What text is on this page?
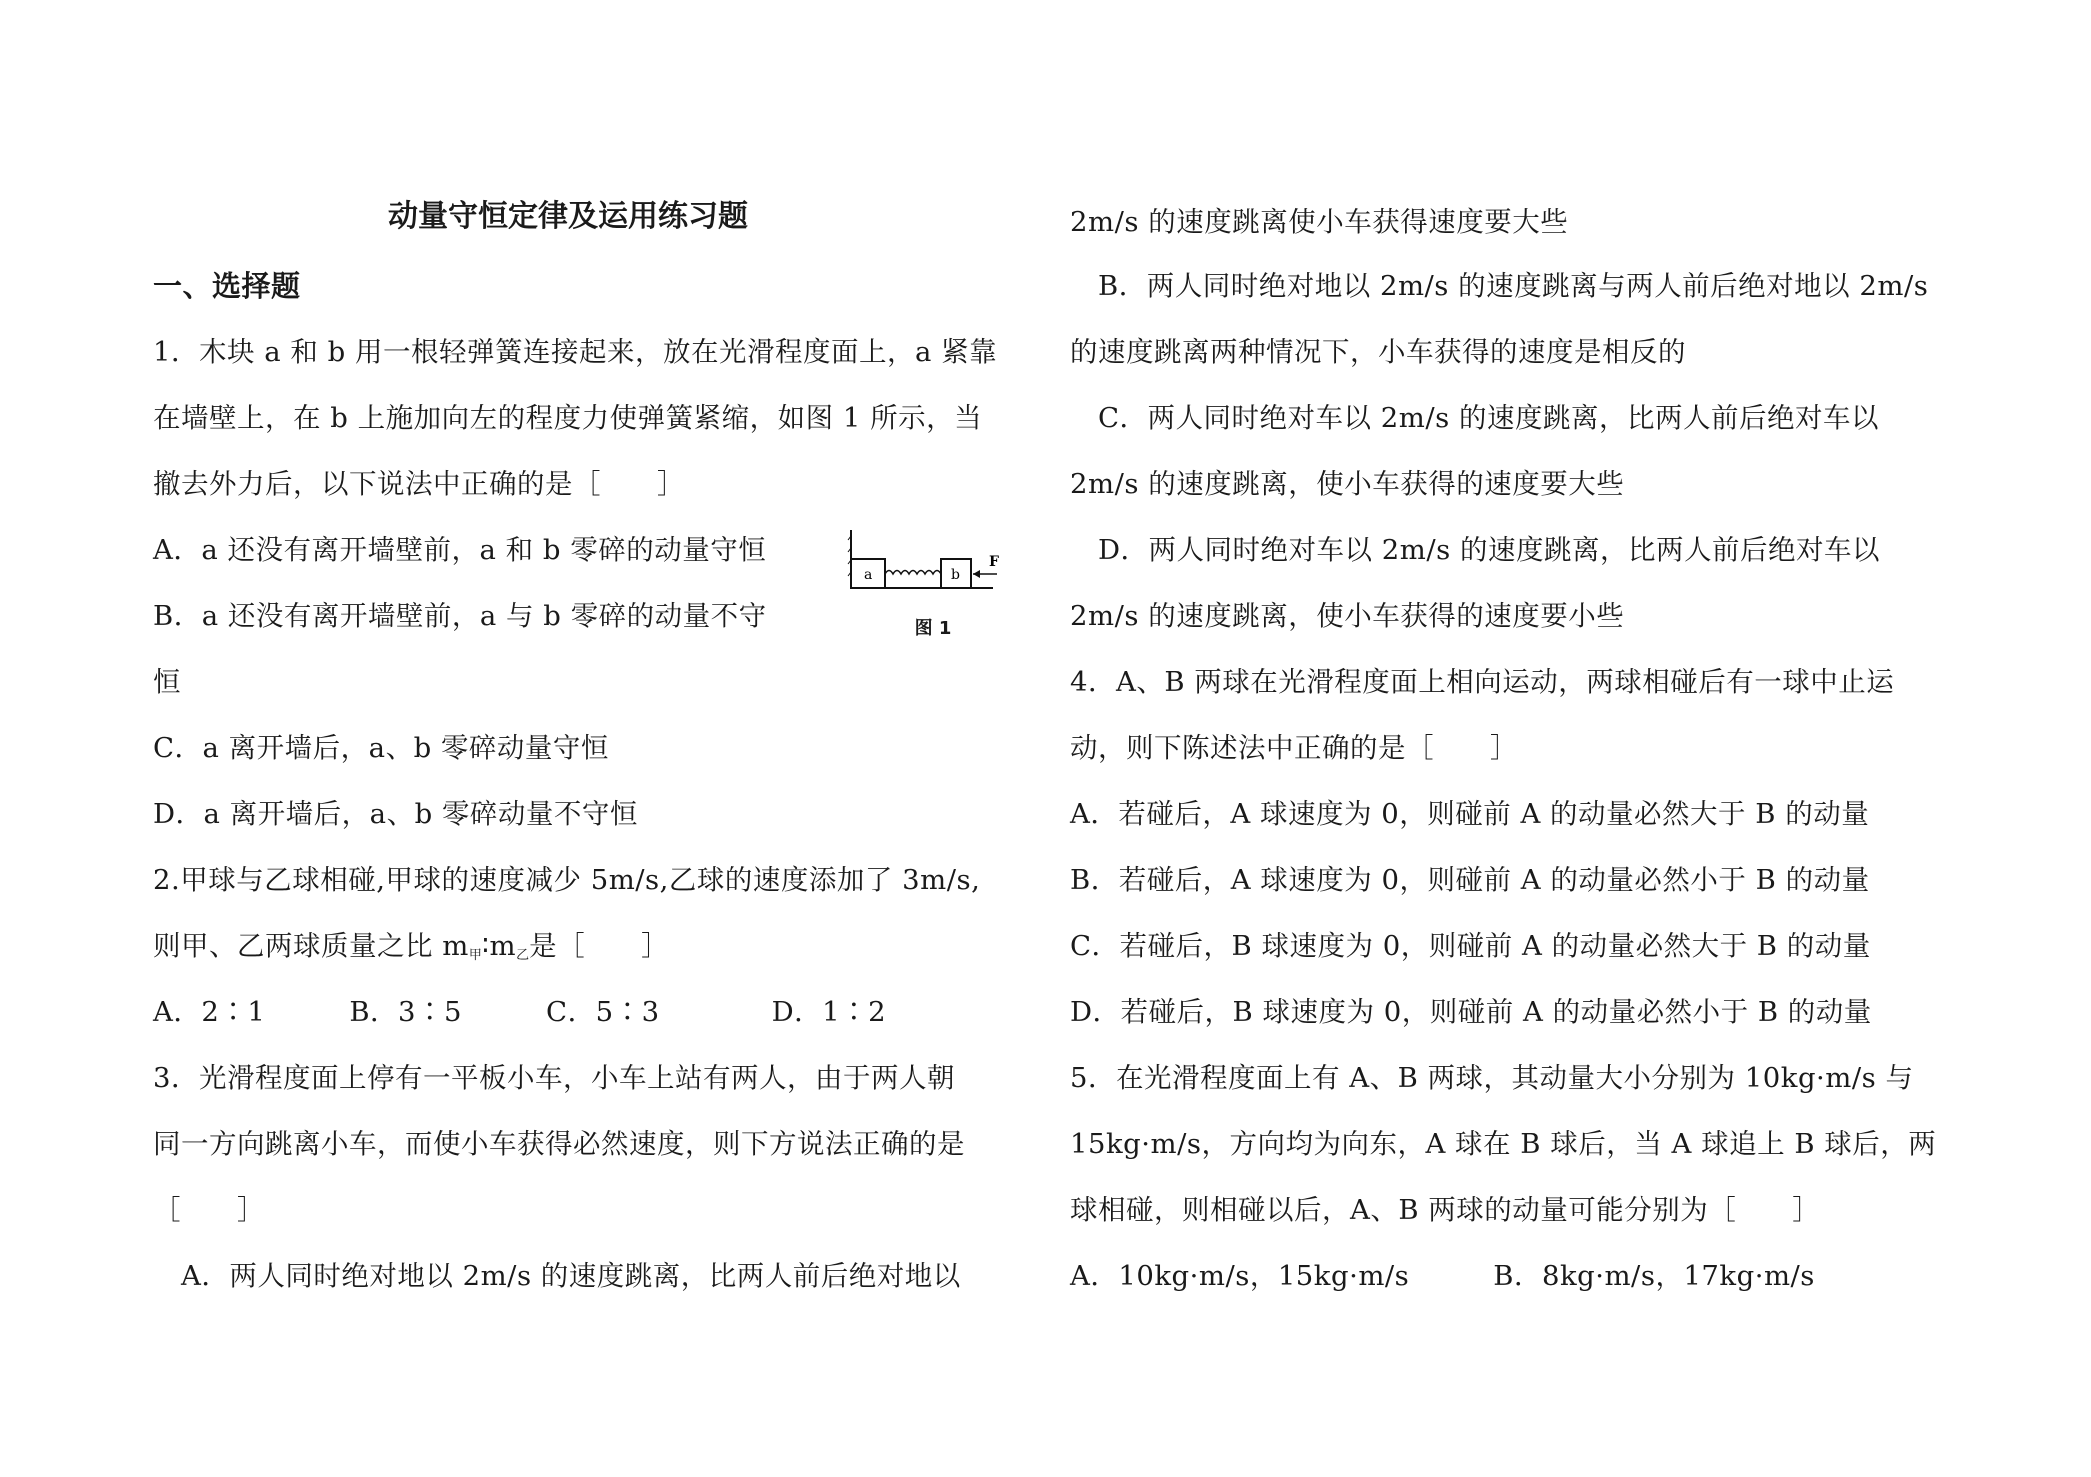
动量守恒定律及运用练习题
一、选择题
1．木块 a 和 b 用一根轻弹簧连接起来，放在光滑程度面上，a 紧靠
在墙壁上，在 b 上施加向左的程度力使弹簧紧缩，如图 1 所示，当
撤去外力后，以下说法中正确的是［　　］
A．a 还没有离开墙壁前，a 和 b 零碎的动量守恒
B．a 还没有离开墙壁前，a 与 b 零碎的动量不守
恒
C．a 离开墙后，a、b 零碎动量守恒
D．a 离开墙后，a、b 零碎动量不守恒
2.甲球与乙球相碰,甲球的速度减少 5m/s,乙球的速度添加了 3m/s,
则甲、乙两球质量之比 $m_甲∶m_乙$是［　　］
A．2∶1　　　B．3∶5　　　C．5∶3　　　　D．1∶2
3．光滑程度面上停有一平板小车，小车上站有两人，由于两人朝
同一方向跳离小车，而使小车获得必然速度，则下方说法正确的是
［　　］
　A．两人同时绝对地以 2m/s 的速度跳离，比两人前后绝对地以
a	b
F
图 1
2m/s 的速度跳离使小车获得速度要大些
　B．两人同时绝对地以 2m/s 的速度跳离与两人前后绝对地以 2m/s
的速度跳离两种情况下，小车获得的速度是相反的
　C．两人同时绝对车以 2m/s 的速度跳离，比两人前后绝对车以
2m/s 的速度跳离，使小车获得的速度要大些
　D．两人同时绝对车以 2m/s 的速度跳离，比两人前后绝对车以
2m/s 的速度跳离，使小车获得的速度要小些
4．A、B 两球在光滑程度面上相向运动，两球相碰后有一球中止运
动，则下陈述法中正确的是［　　］
A．若碰后，A 球速度为 0，则碰前 A 的动量必然大于 B 的动量
B．若碰后，A 球速度为 0，则碰前 A 的动量必然小于 B 的动量
C．若碰后，B 球速度为 0，则碰前 A 的动量必然大于 B 的动量
D．若碰后，B 球速度为 0，则碰前 A 的动量必然小于 B 的动量
5．在光滑程度面上有 A、B 两球，其动量大小分别为 10kg·m/s 与
15kg·m/s，方向均为向东，A 球在 B 球后，当 A 球追上 B 球后，两
球相碰，则相碰以后，A、B 两球的动量可能分别为［　　］
A．10kg·m/s，15kg·m/s　　　B．8kg·m/s，17kg·m/s
